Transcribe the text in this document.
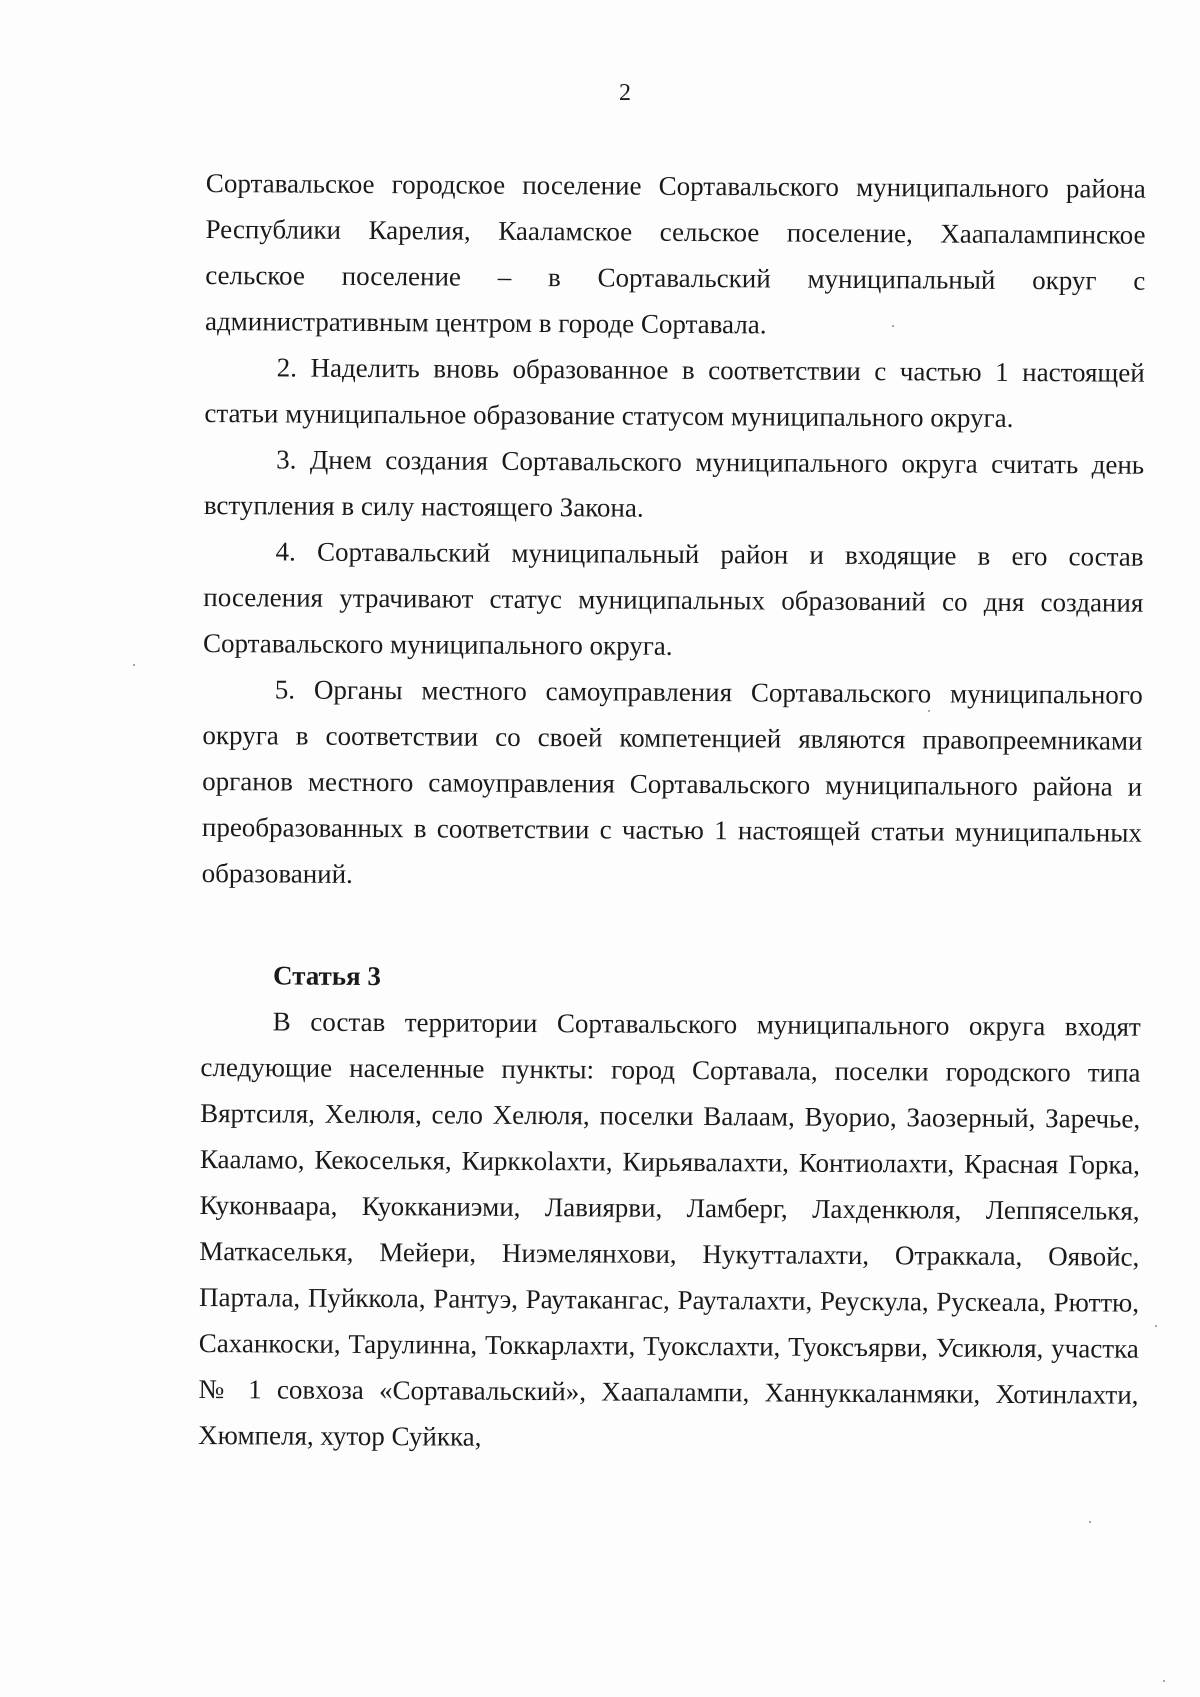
2

Сортавальское городское поселение Сортавальского муниципального района Республики Карелия, Кааламское сельское поселение, Хаапалампинское сельское поселение – в Сортавальский муниципальный округ с административным центром в городе Сортавала.

2. Наделить вновь образованное в соответствии с частью 1 настоящей статьи муниципальное образование статусом муниципального округа.

3. Днем создания Сортавальского муниципального округа считать день вступления в силу настоящего Закона.

4. Сортавальский муниципальный район и входящие в его состав поселения утрачивают статус муниципальных образований со дня создания Сортавальского муниципального округа.

5. Органы местного самоуправления Сортавальского муниципального округа в соответствии со своей компетенцией являются правопреемниками органов местного самоуправления Сортавальского муниципального района и преобразованных в соответствии с частью 1 настоящей статьи муниципальных образований.

Статья 3

В состав территории Сортавальского муниципального округа входят следующие населенные пункты: город Сортавала, поселки городского типа Вяртсиля, Хелюля, село Хелюля, поселки Валаам, Вуорио, Заозерный, Заречье, Кааламо, Кекоселькя, Кирккolaхти, Кирьявалахти, Контиолахти, Красная Горка, Куконваара, Куокканиэми, Лавиярви, Ламберг, Лахденкюля, Леппяселькя, Маткаселькя, Мейери, Ниэмелянхови, Нукутталахти, Отраккала, Оявойс, Партала, Пуйккола, Рантуэ, Раутакангас, Рауталахти, Реускула, Рускеала, Рюттю, Саханкоски, Тарулинна, Токкарлахти, Туокслахти, Туоксъярви, Усикюля, участка № 1 совхоза «Сортавальский», Хаапалампи, Ханнуккаланмяки, Хотинлахти, Хюмпеля, хутор Суйкка,
